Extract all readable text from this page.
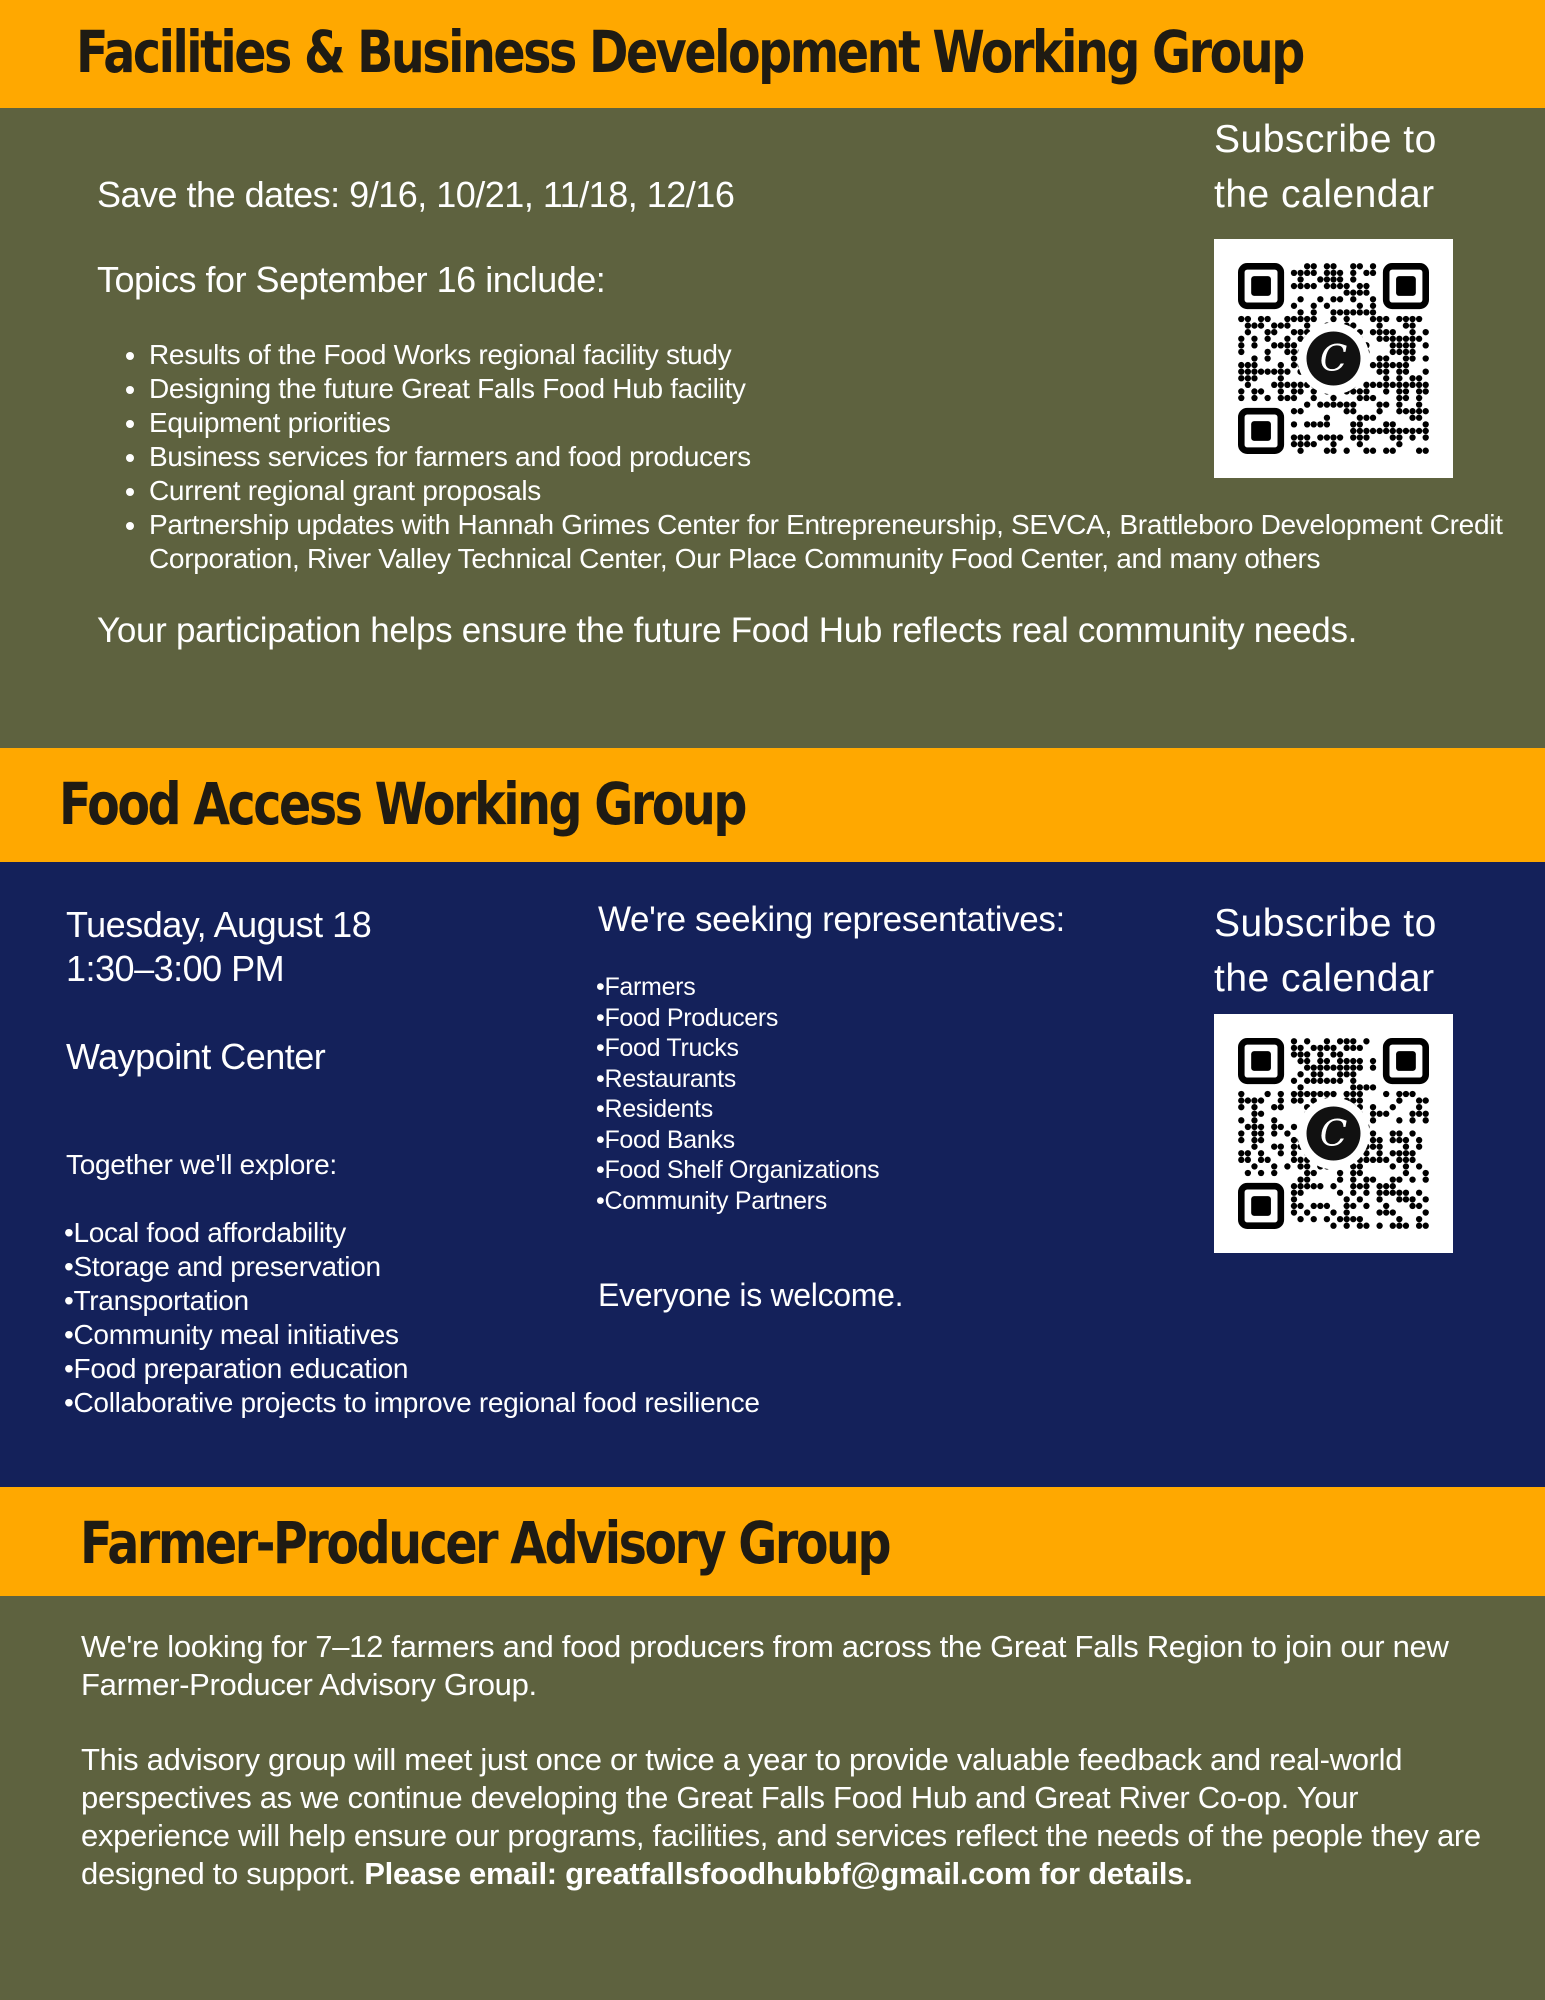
Facilities & Business Development Working Group

Save the dates: 9/16, 10/21, 11/18, 12/16

Topics for September 16 include:

• Results of the Food Works regional facility study
• Designing the future Great Falls Food Hub facility
• Equipment priorities
• Business services for farmers and food producers
• Current regional grant proposals
• Partnership updates with Hannah Grimes Center for Entrepreneurship, SEVCA, Brattleboro Development Credit Corporation, River Valley Technical Center, Our Place Community Food Center, and many others

Your participation helps ensure the future Food Hub reflects real community needs.

Subscribe to
the calendar
C
Food Access Working Group

Tuesday, August 18

1:30–3:00 PM

Waypoint Center

Together we'll explore:

• Local food affordability
• Storage and preservation
• Transportation
• Community meal initiatives
• Food preparation education
• Collaborative projects to improve regional food resilience

We're seeking representatives:

• Farmers
• Food Producers
• Food Trucks
• Restaurants
• Residents
• Food Banks
• Food Shelf Organizations
• Community Partners

Everyone is welcome.

Subscribe to
the calendar
C
Farmer-Producer Advisory Group

We're looking for 7–12 farmers and food producers from across the Great Falls Region to join our new Farmer-Producer Advisory Group.

This advisory group will meet just once or twice a year to provide valuable feedback and real-world perspectives as we continue developing the Great Falls Food Hub and Great River Co-op. Your experience will help ensure our programs, facilities, and services reflect the needs of the people they are designed to support. Please email: greatfallsfoodhubbf@gmail.com for details.
